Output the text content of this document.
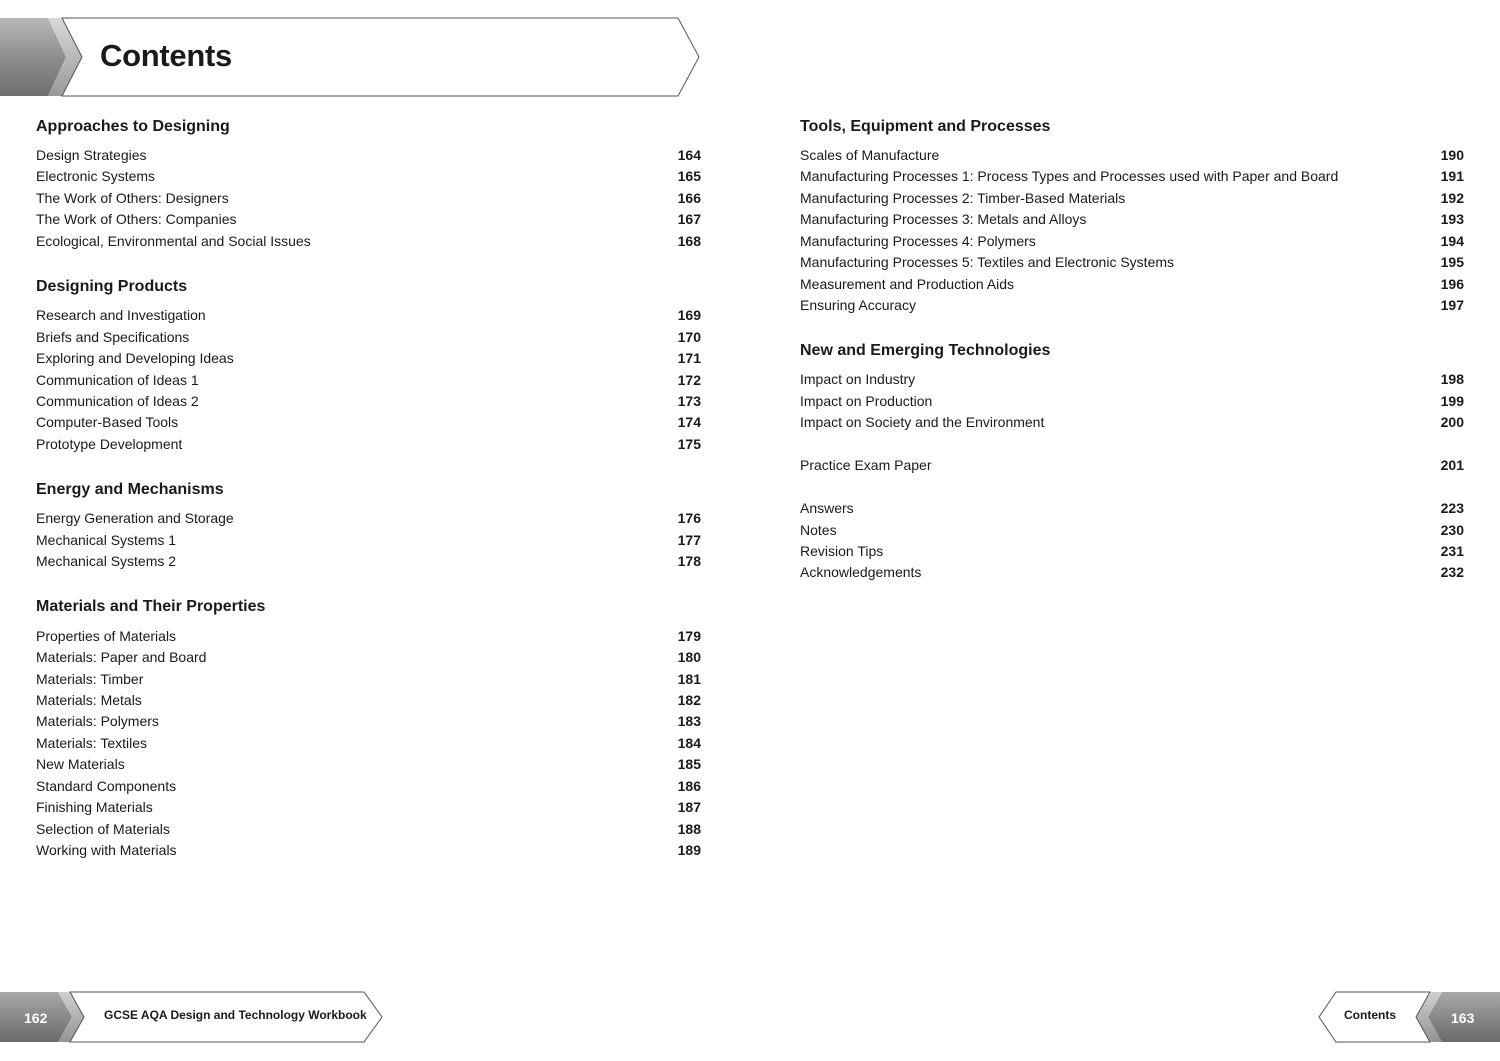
Contents
Approaches to Designing
Design Strategies	164
Electronic Systems	165
The Work of Others: Designers	166
The Work of Others: Companies	167
Ecological, Environmental and Social Issues	168
Designing Products
Research and Investigation	169
Briefs and Specifications	170
Exploring and Developing Ideas	171
Communication of Ideas 1	172
Communication of Ideas 2	173
Computer-Based Tools	174
Prototype Development	175
Energy and Mechanisms
Energy Generation and Storage	176
Mechanical Systems 1	177
Mechanical Systems 2	178
Materials and Their Properties
Properties of Materials	179
Materials: Paper and Board	180
Materials: Timber	181
Materials: Metals	182
Materials: Polymers	183
Materials: Textiles	184
New Materials	185
Standard Components	186
Finishing Materials	187
Selection of Materials	188
Working with Materials	189
Tools, Equipment and Processes
Scales of Manufacture	190
Manufacturing Processes 1: Process Types and Processes used with Paper and Board	191
Manufacturing Processes 2: Timber-Based Materials	192
Manufacturing Processes 3: Metals and Alloys	193
Manufacturing Processes 4: Polymers	194
Manufacturing Processes 5: Textiles and Electronic Systems	195
Measurement and Production Aids	196
Ensuring Accuracy	197
New and Emerging Technologies
Impact on Industry	198
Impact on Production	199
Impact on Society and the Environment	200
Practice Exam Paper	201
Answers	223
Notes	230
Revision Tips	231
Acknowledgements	232
162	GCSE AQA Design and Technology Workbook	Contents	163
